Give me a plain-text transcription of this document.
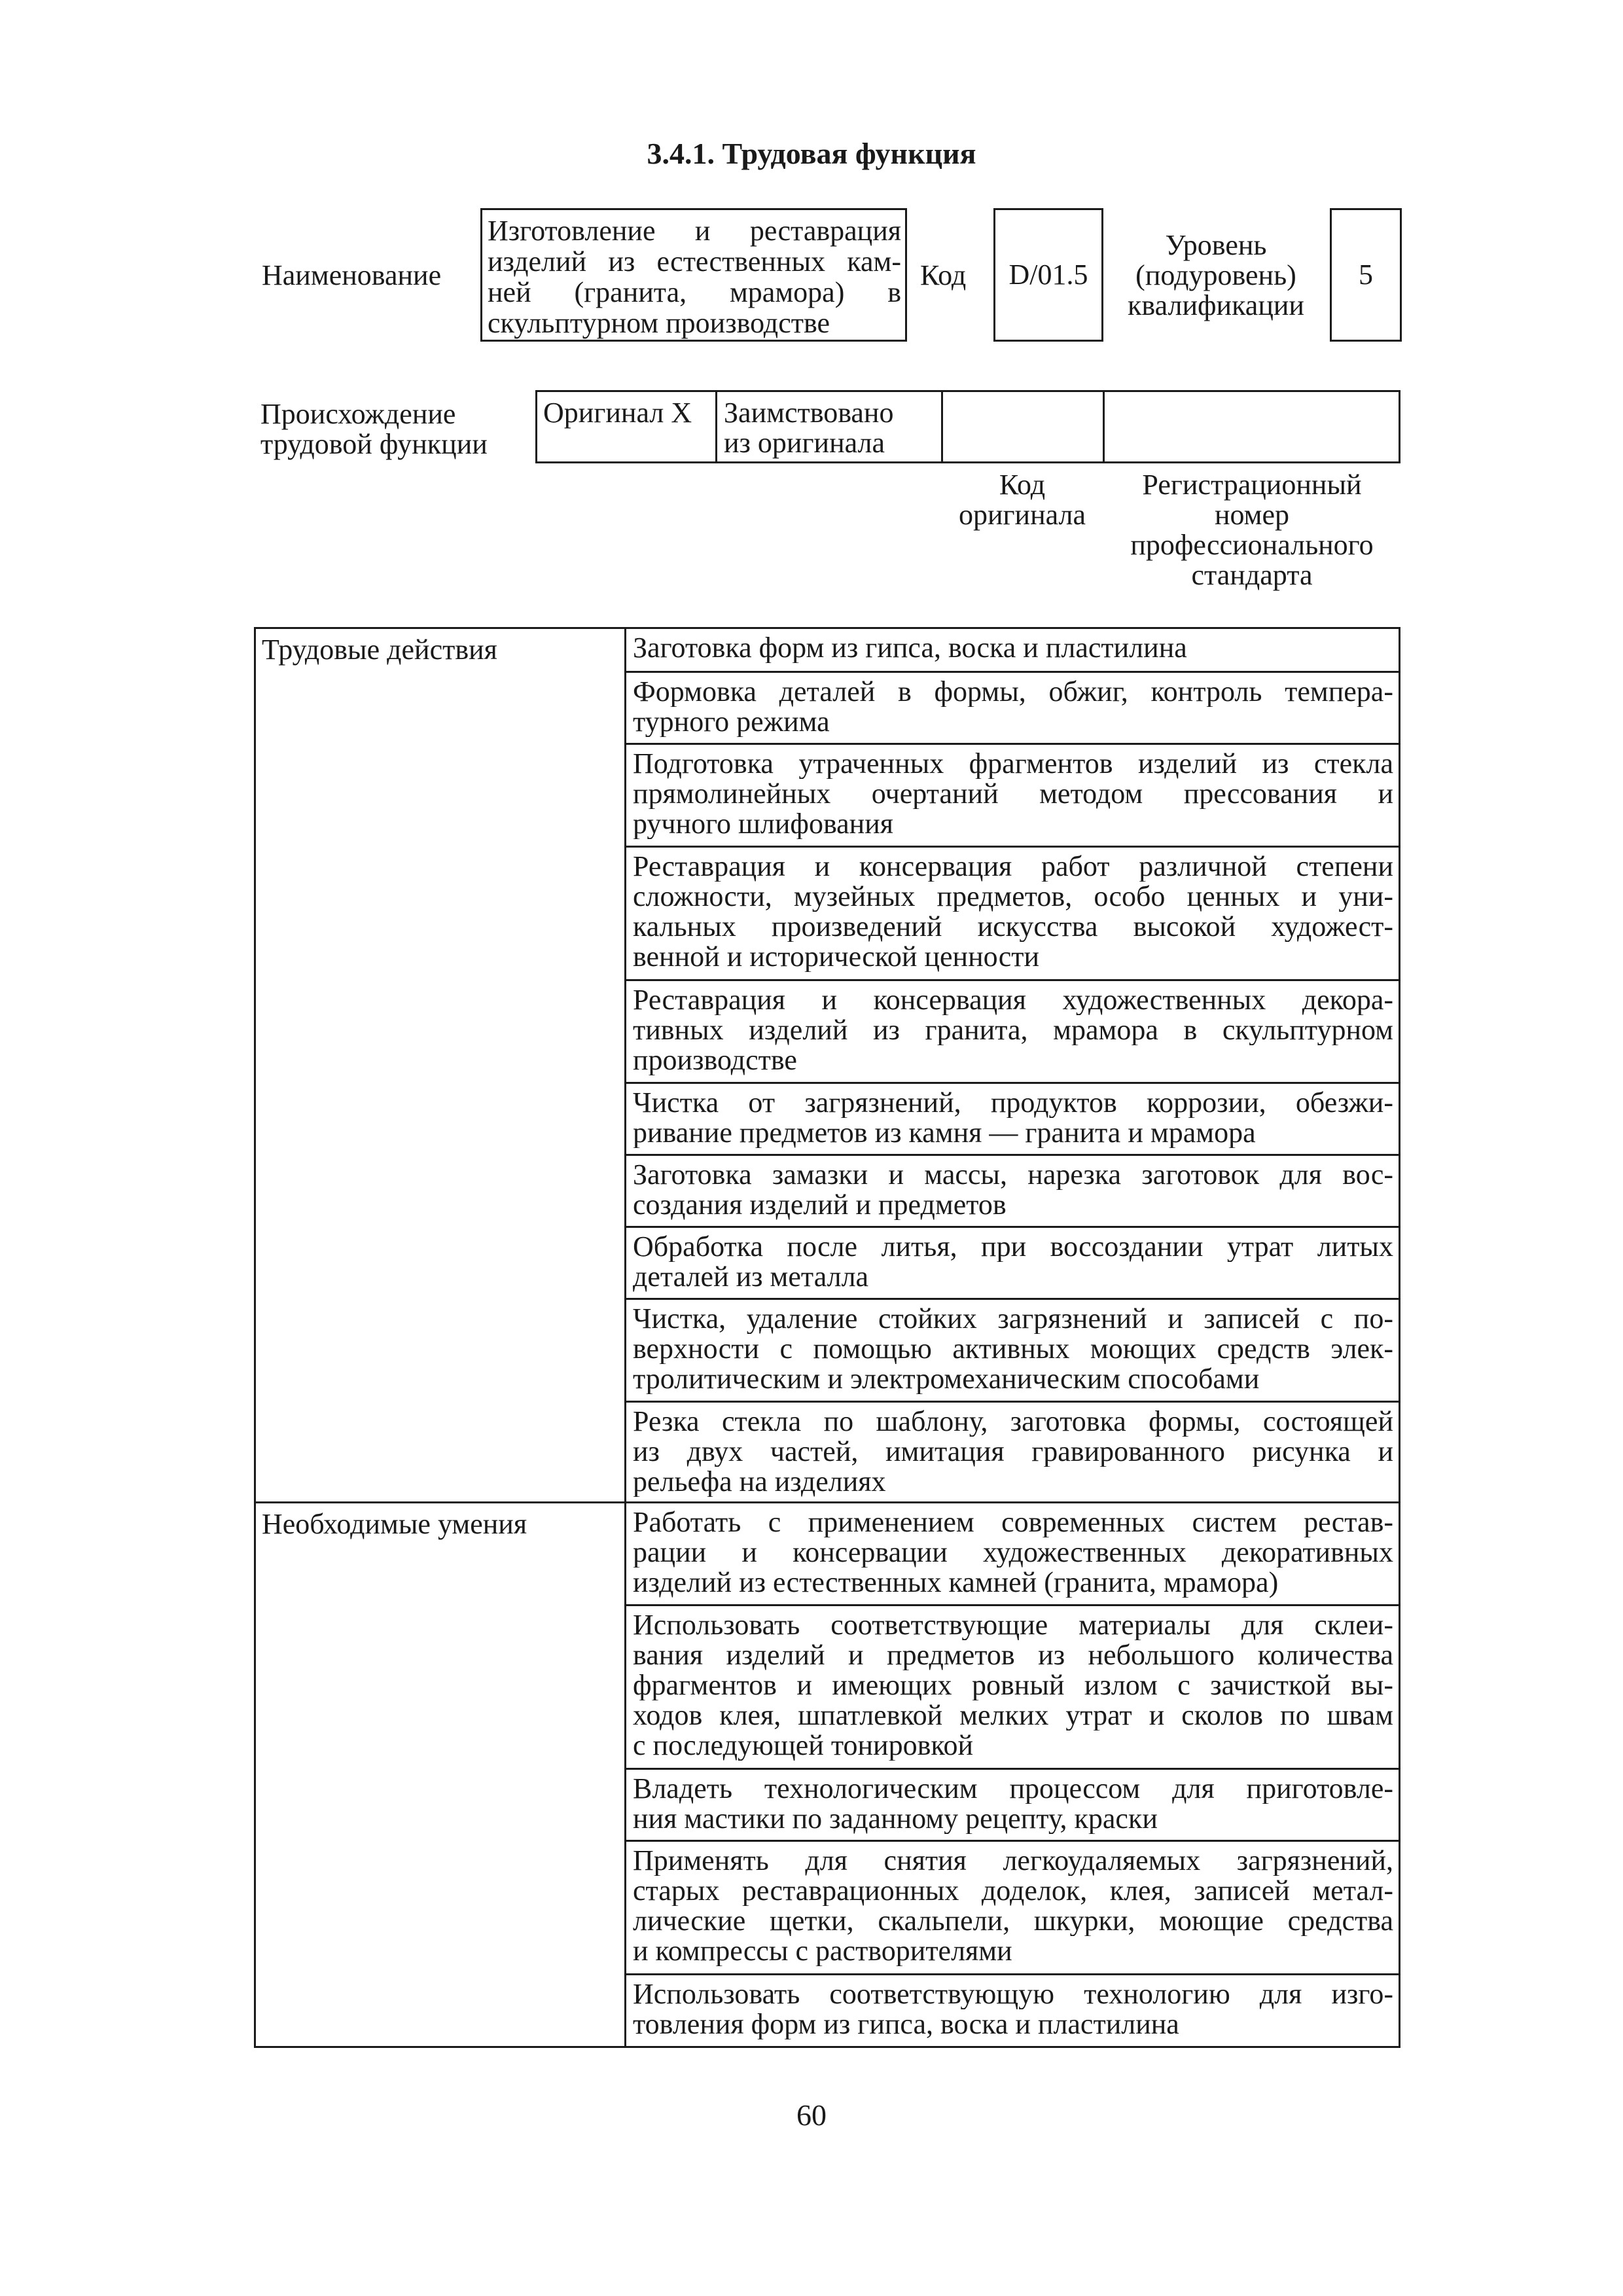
3.4.1. Трудовая функция
Наименование
Изготовление и реставрация
изделий из естественных кам-
ней (гранита, мрамора) в
скульптурном производстве
Код	D/01.5
Уровень
(подуровень)
квалификации
5
Происхождение
трудовой функции
Оригинал Х Заимствовано
из оригинала
Код
оригинала
Регистрационный
номер
профессионального
стандарта
Трудовые действия
Необходимые умения
Заготовка форм из гипса, воска и пластилина
Формовка деталей в формы, обжиг, контроль темпера-
турного режима
Подготовка утраченных фрагментов изделий из стекла
прямолинейных очертаний методом прессования и
ручного шлифования
Реставрация и консервация работ различной степени
сложности, музейных предметов, особо ценных и уни-
кальных произведений искусства высокой художест-
венной и исторической ценности
Реставрация и консервация художественных декора-
тивных изделий из гранита, мрамора в скульптурном
производстве
Чистка от загрязнений, продуктов коррозии, обезжи-
ривание предметов из камня — гранита и мрамора
Заготовка замазки и массы, нарезка заготовок для вос-
создания изделий и предметов
Обработка после литья, при воссоздании утрат литых
деталей из металла
Чистка, удаление стойких загрязнений и записей с по-
верхности с помощью активных моющих средств элек-
тролитическим и электромеханическим способами
Резка стекла по шаблону, заготовка формы, состоящей
из двух частей, имитация гравированного рисунка и
рельефа на изделиях
Работать с применением современных систем рестав-
рации и консервации художественных декоративных
изделий из естественных камней (гранита, мрамора)
Использовать соответствующие материалы для склеи-
вания изделий и предметов из небольшого количества
фрагментов и имеющих ровный излом с зачисткой вы-
ходов клея, шпатлевкой мелких утрат и сколов по швам
с последующей тонировкой
Владеть технологическим процессом для приготовле-
ния мастики по заданному рецепту, краски
Применять для снятия легкоудаляемых загрязнений,
старых реставрационных доделок, клея, записей метал-
лические щетки, скальпели, шкурки, моющие средства
и компрессы с растворителями
Использовать соответствующую технологию для изго-
товления форм из гипса, воска и пластилина
60
